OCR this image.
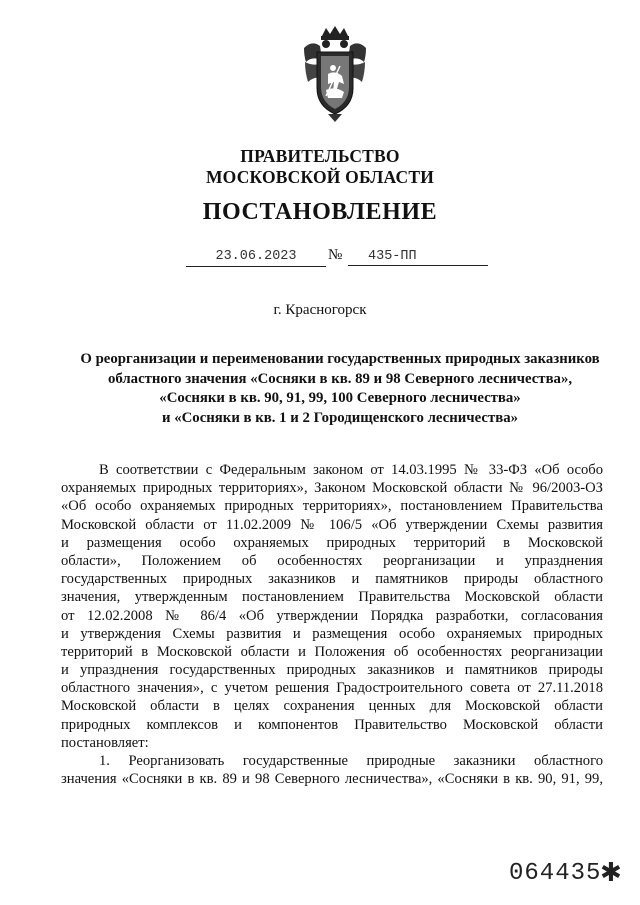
ПРАВИТЕЛЬСТВО
МОСКОВСКОЙ ОБЛАСТИ
ПОСТАНОВЛЕНИЕ
23.06.2023	№	435-ПП
г. Красногорск
О реорганизации и переименовании государственных природных заказников
областного значения «Сосняки в кв. 89 и 98 Северного лесничества»,
«Сосняки в кв. 90, 91, 99, 100 Северного лесничества»
и «Сосняки в кв. 1 и 2 Городищенского лесничества»
В соответствии с Федеральным законом от 14.03.1995 № 33-ФЗ «Об особо
охраняемых природных территориях», Законом Московской области № 96/2003-ОЗ
«Об особо охраняемых природных территориях», постановлением Правительства
Московской области от 11.02.2009 № 106/5 «Об утверждении Схемы развития
и размещения особо охраняемых природных территорий в Московской
области», Положением об особенностях реорганизации и упразднения
государственных природных заказников и памятников природы областного
значения, утвержденным постановлением Правительства Московской области
от 12.02.2008 № 86/4 «Об утверждении Порядка разработки, согласования
и утверждения Схемы развития и размещения особо охраняемых природных
территорий в Московской области и Положения об особенностях реорганизации
и упразднения государственных природных заказников и памятников природы
областного значения», с учетом решения Градостроительного совета от 27.11.2018
Московской области в целях сохранения ценных для Московской области
природных комплексов и компонентов Правительство Московской области
постановляет:
1. Реорганизовать государственные природные заказники областного
значения «Сосняки в кв. 89 и 98 Северного лесничества», «Сосняки в кв. 90, 91, 99,
064435
✱
